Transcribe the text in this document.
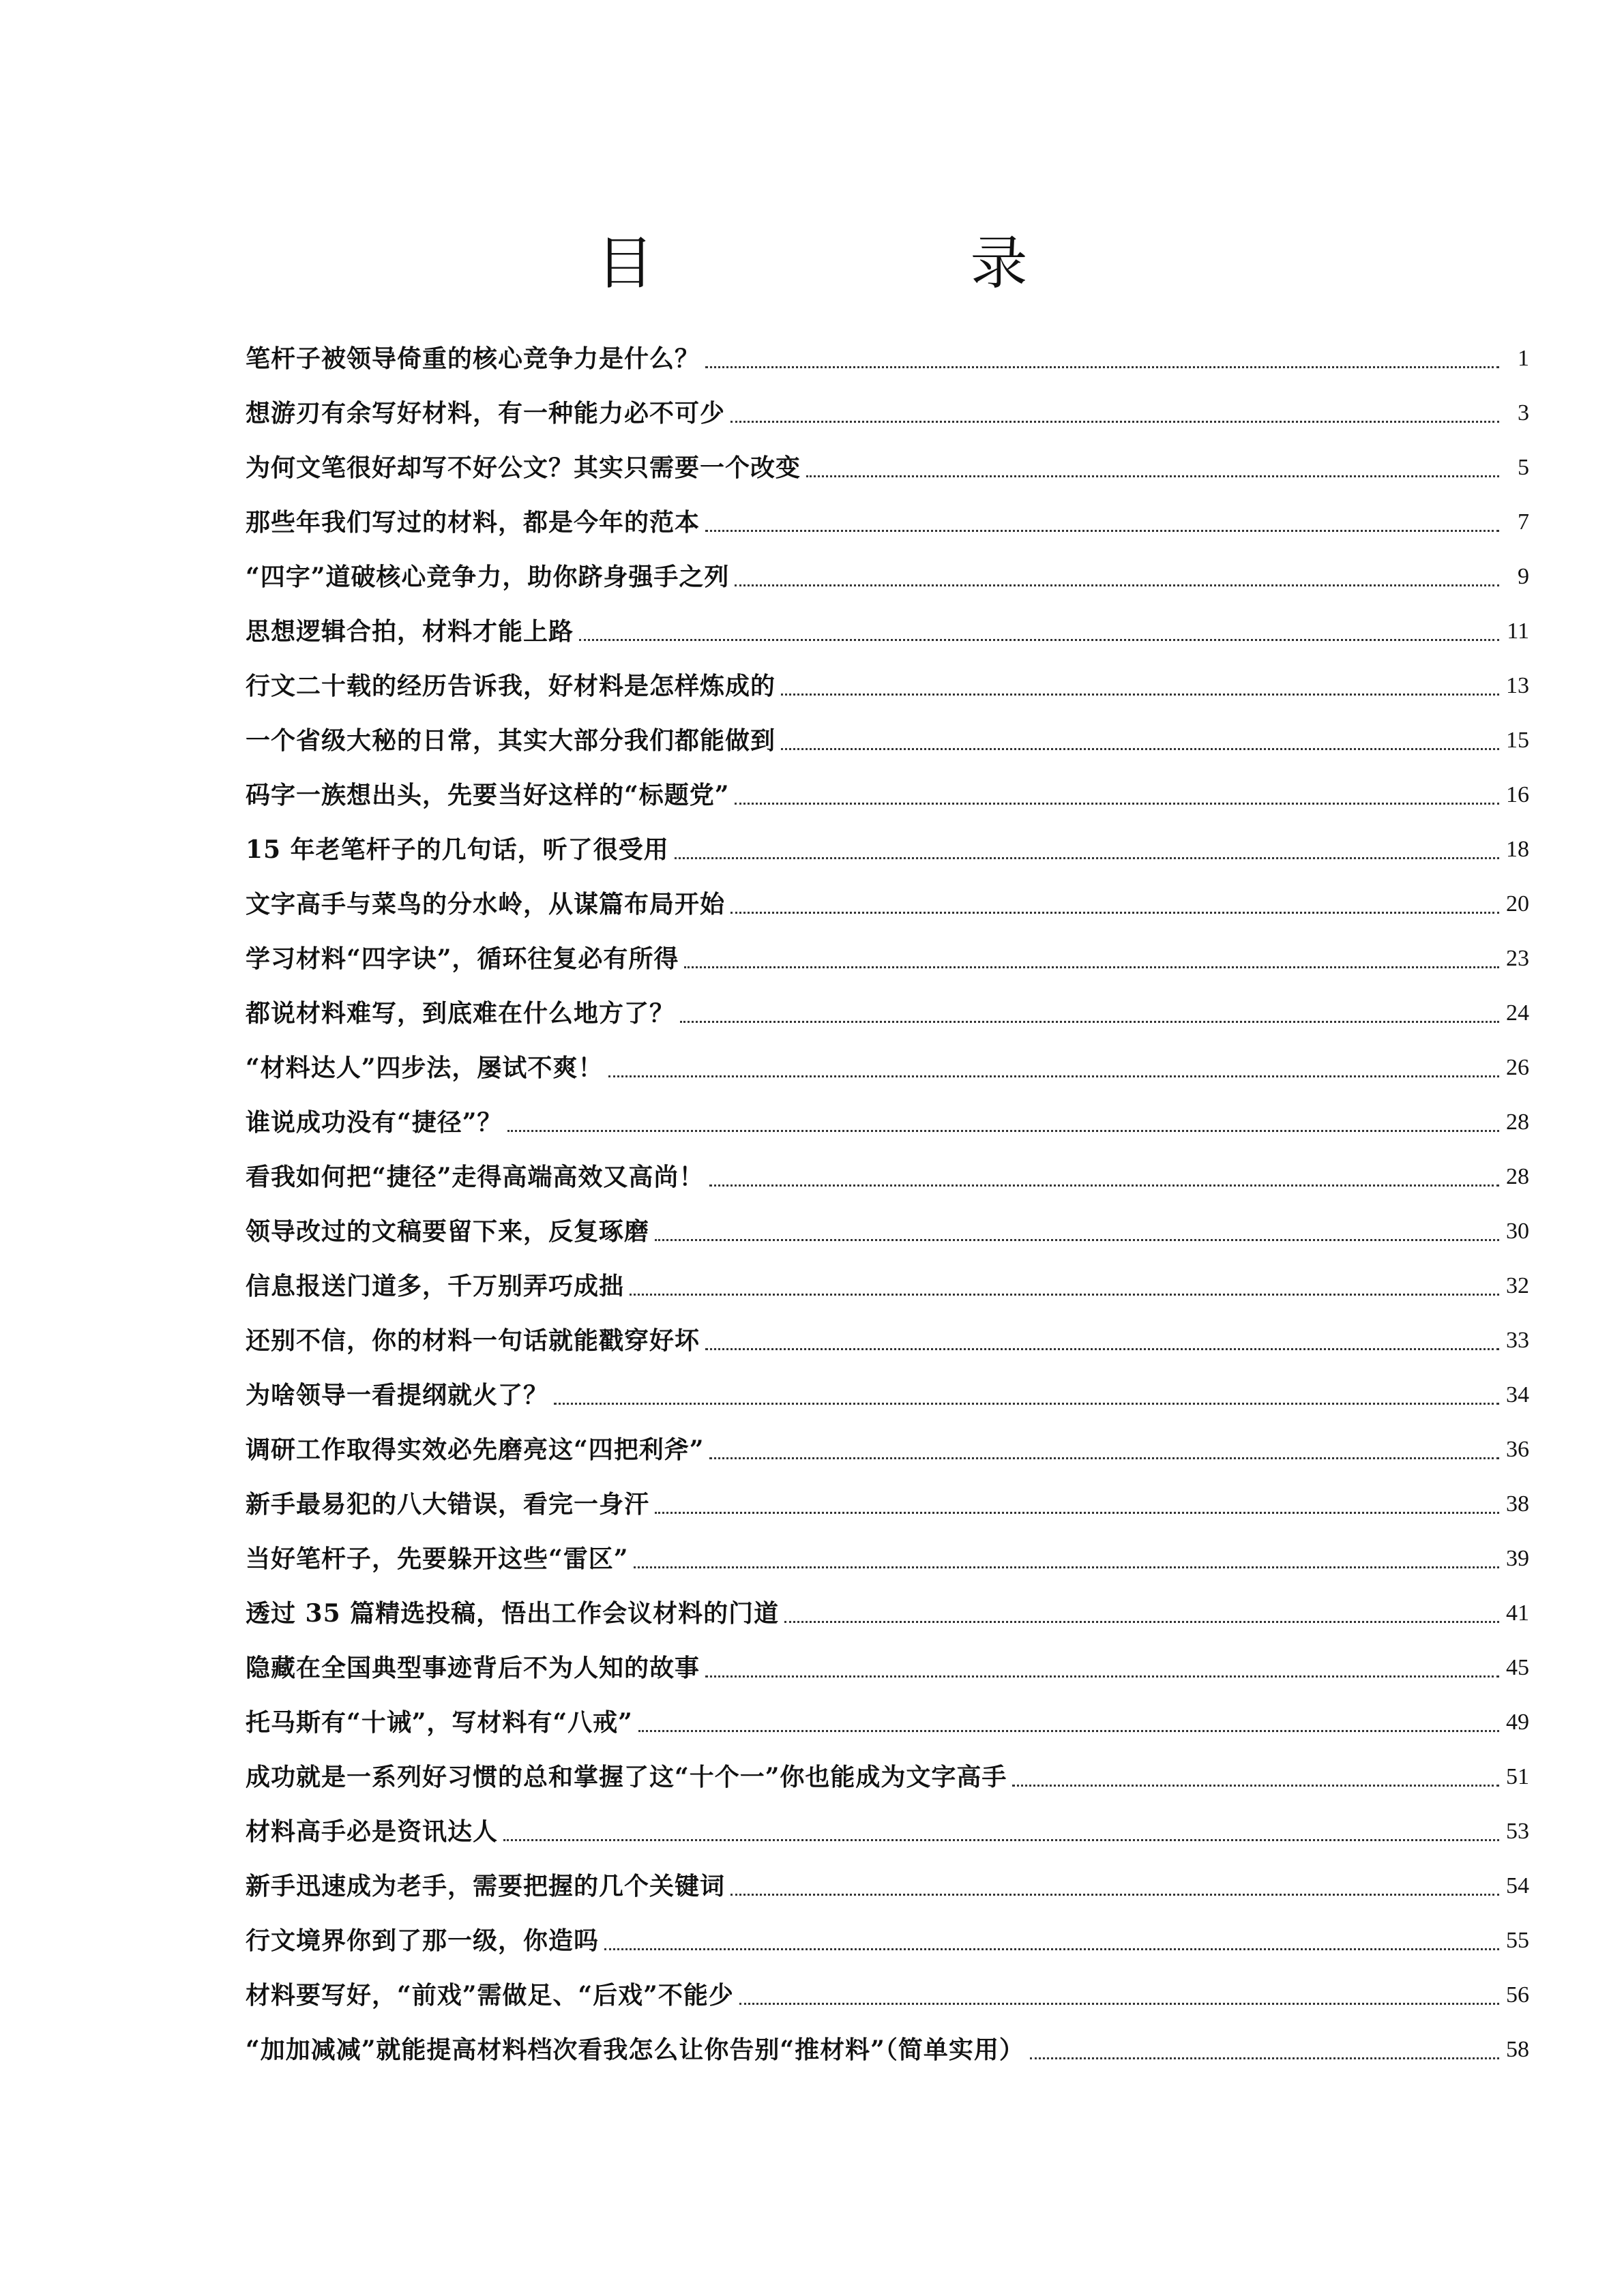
目　录
笔杆子被领导倚重的核心竞争力是什么？	1
想游刃有余写好材料，有一种能力必不可少	3
为何文笔很好却写不好公文？其实只需要一个改变	5
那些年我们写过的材料，都是今年的范本	7
“四字”道破核心竞争力，助你跻身强手之列	9
思想逻辑合拍，材料才能上路	11
行文二十载的经历告诉我，好材料是怎样炼成的	13
一个省级大秘的日常，其实大部分我们都能做到	15
码字一族想出头，先要当好这样的“标题党”	16
15 年老笔杆子的几句话，听了很受用	18
文字高手与菜鸟的分水岭，从谋篇布局开始	20
学习材料“四字诀”，循环往复必有所得	23
都说材料难写，到底难在什么地方了？	24
“材料达人”四步法，屡试不爽！	26
谁说成功没有“捷径”？	28
看我如何把“捷径”走得高端高效又高尚！	28
领导改过的文稿要留下来，反复琢磨	30
信息报送门道多，千万别弄巧成拙	32
还别不信，你的材料一句话就能戳穿好坏	33
为啥领导一看提纲就火了？	34
调研工作取得实效必先磨亮这“四把利斧”	36
新手最易犯的八大错误，看完一身汗	38
当好笔杆子，先要躲开这些“雷区”	39
透过 35 篇精选投稿，悟出工作会议材料的门道	41
隐藏在全国典型事迹背后不为人知的故事	45
托马斯有“十诫”，写材料有“八戒”	49
成功就是一系列好习惯的总和掌握了这“十个一”你也能成为文字高手	51
材料高手必是资讯达人	53
新手迅速成为老手，需要把握的几个关键词	54
行文境界你到了那一级，你造吗	55
材料要写好，“前戏”需做足、“后戏”不能少	56
“加加减减”就能提高材料档次看我怎么让你告别“推材料”（简单实用）	58
